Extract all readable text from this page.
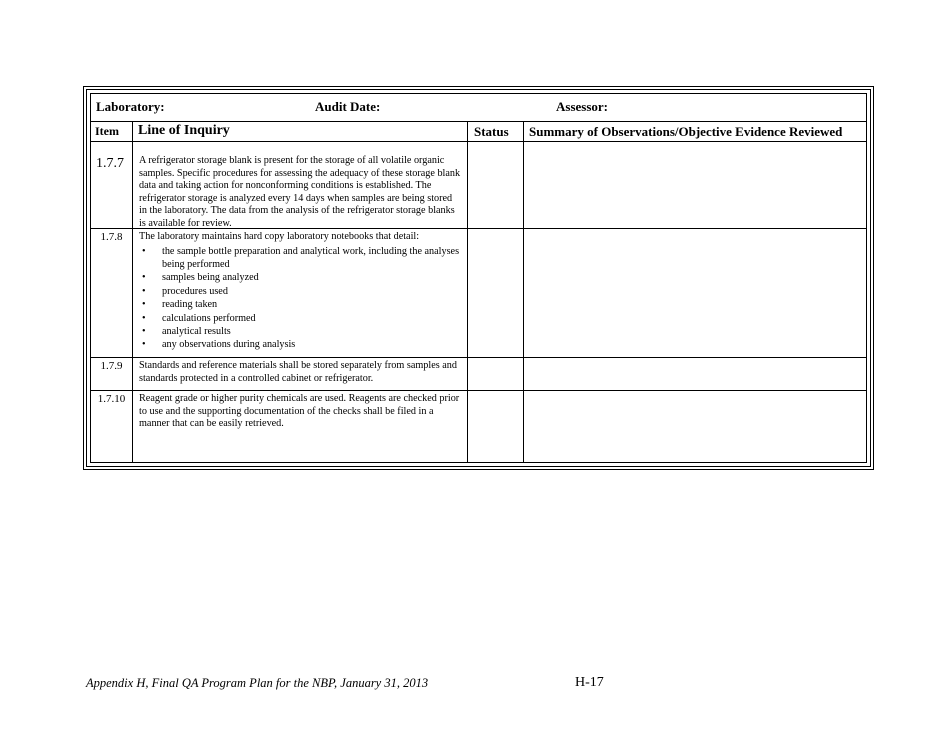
Laboratory:	Audit Date:	Assessor:
Item	Line of Inquiry	Status	Summary of Observations/Objective Evidence Reviewed
1.7.7	A refrigerator storage blank is present for the storage of all volatile organic samples. Specific procedures for assessing the adequacy of these storage blank data and taking action for nonconforming conditions is established. The refrigerator storage is analyzed every 14 days when samples are being stored in the laboratory. The data from the analysis of the refrigerator storage blanks is available for review.
1.7.8	The laboratory maintains hard copy laboratory notebooks that detail:
• the sample bottle preparation and analytical work, including the analyses being performed
• samples being analyzed
• procedures used
• reading taken
• calculations performed
• analytical results
• any observations during analysis
1.7.9	Standards and reference materials shall be stored separately from samples and standards protected in a controlled cabinet or refrigerator.
1.7.10	Reagent grade or higher purity chemicals are used. Reagents are checked prior to use and the supporting documentation of the checks shall be filed in a manner that can be easily retrieved.
Appendix H, Final QA Program Plan for the NBP, January 31, 2013	H-17
